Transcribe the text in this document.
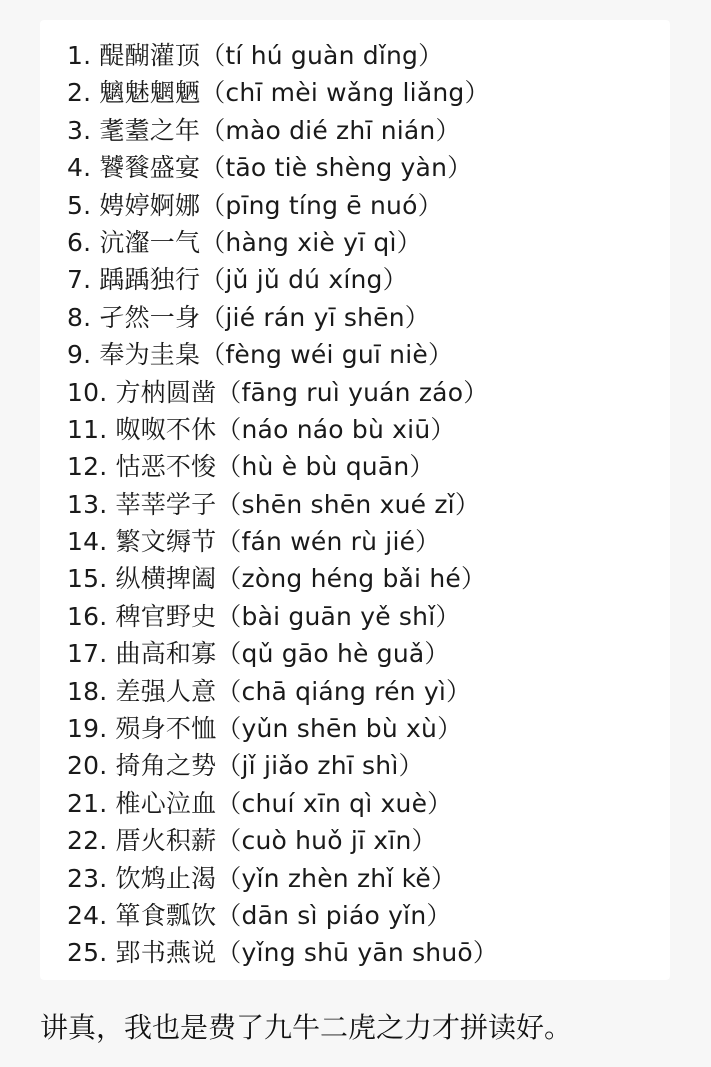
1. 醍醐灌顶（tí hú guàn dǐng）
2. 魑魅魍魉（chī mèi wǎng liǎng）
3. 耄耋之年（mào dié zhī nián）
4. 饕餮盛宴（tāo tiè shèng yàn）
5. 娉婷婀娜（pīng tíng ē nuó）
6. 沆瀣一气（hàng xiè yī qì）
7. 踽踽独行（jǔ jǔ dú xíng）
8. 孑然一身（jié rán yī shēn）
9. 奉为圭臬（fèng wéi guī niè）
10. 方枘圆凿（fāng ruì yuán záo）
11. 呶呶不休（náo náo bù xiū）
12. 怙恶不悛（hù è bù quān）
13. 莘莘学子（shēn shēn xué zǐ）
14. 繁文缛节（fán wén rù jié）
15. 纵横捭阖（zòng héng bǎi hé）
16. 稗官野史（bài guān yě shǐ）
17. 曲高和寡（qǔ gāo hè guǎ）
18. 差强人意（chā qiáng rén yì）
19. 殒身不恤（yǔn shēn bù xù）
20. 掎角之势（jǐ jiǎo zhī shì）
21. 椎心泣血（chuí xīn qì xuè）
22. 厝火积薪（cuò huǒ jī xīn）
23. 饮鸩止渴（yǐn zhèn zhǐ kě）
24. 箪食瓢饮（dān sì piáo yǐn）
25. 郢书燕说（yǐng shū yān shuō）
讲真，我也是费了九牛二虎之力才拼读好。
